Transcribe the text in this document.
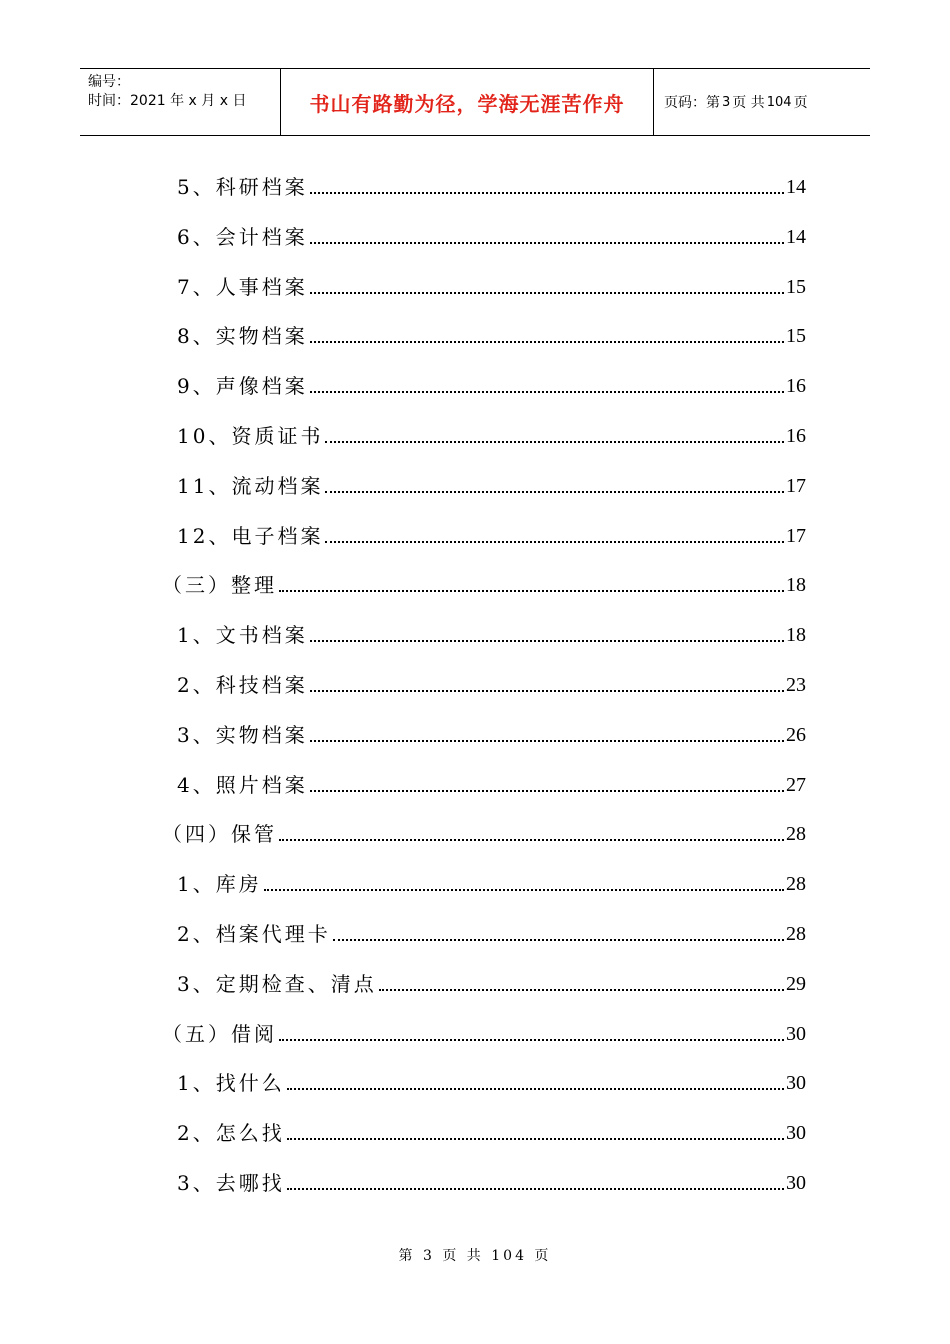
编号：
时间：2021 年 x 月 x 日	书山有路勤为径，学海无涯苦作舟	页码：第 3 页 共 104 页
5、科研档案	14
6、会计档案	14
7、人事档案	15
8、实物档案	15
9、声像档案	16
10、资质证书	16
11、流动档案	17
12、电子档案	17
（三）整理	18
1、文书档案	18
2、科技档案	23
3、实物档案	26
4、照片档案	27
（四）保管	28
1、库房	28
2、档案代理卡	28
3、定期检查、清点	29
（五）借阅	30
1、找什么	30
2、怎么找	30
3、去哪找	30
第 3 页 共 104 页
